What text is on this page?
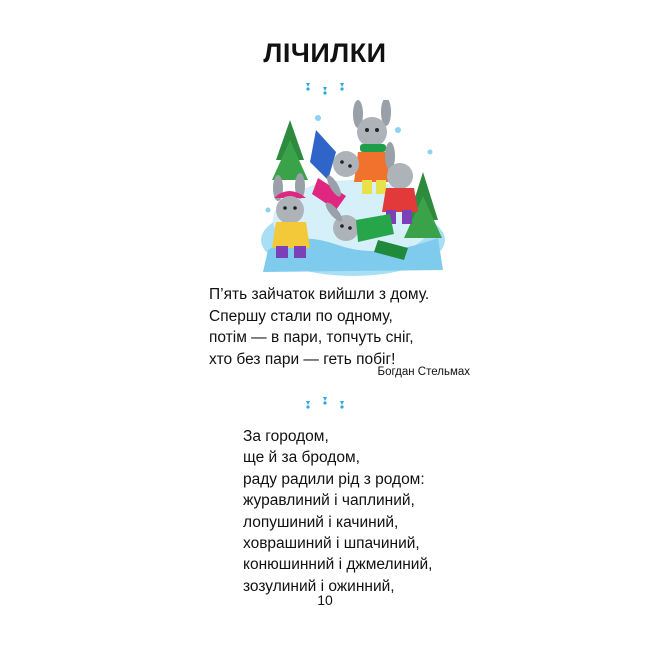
ЛІЧИЛКИ
П’ять зайчаток вийшли з дому.
Спершу стали по одному,
потім — в пари, топчуть сніг,
хто без пари — геть побіг!
Богдан Стельмах
За городом,
ще й за бродом,
раду радили рід з родом:
журавлиний і чаплиний,
лопушиний і качиний,
ховрашиний і шпачиний,
конюшинний і джмелиний,
зозулиний і ожинний,
10
